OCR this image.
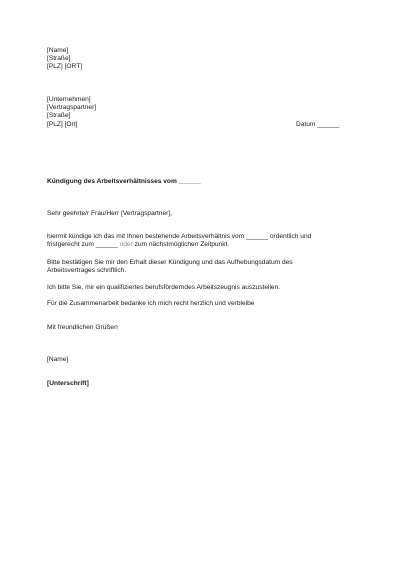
[Name]
[Straße]
[PLZ] [ORT]
[Unternehmen]
[Vertragspartner]
[Straße]
[PLZ] [Ort]	Datum ______
Kündigung des Arbeitsverhältnisses vom ______
Sehr geehrte/r Frau/Herr [Vertragspartner],
hiermit kündige ich das mit Ihnen bestehende Arbeitsverhältnis vom ______ ordentlich und
fristgerecht zum ______ oder zum nächstmöglichen Zeitpunkt.
Bitte bestätigen Sie mir den Erhalt dieser Kündigung und das Aufhebungsdatum des
Arbeitsvertrages schriftlich.
Ich bitte Sie, mir ein qualifiziertes berufsförderndes Arbeitszeugnis auszustellen.
Für die Zusammenarbeit bedanke ich mich recht herzlich und verbleibe
Mit freundlichen Grüßen
[Name]
[Unterschrift]
